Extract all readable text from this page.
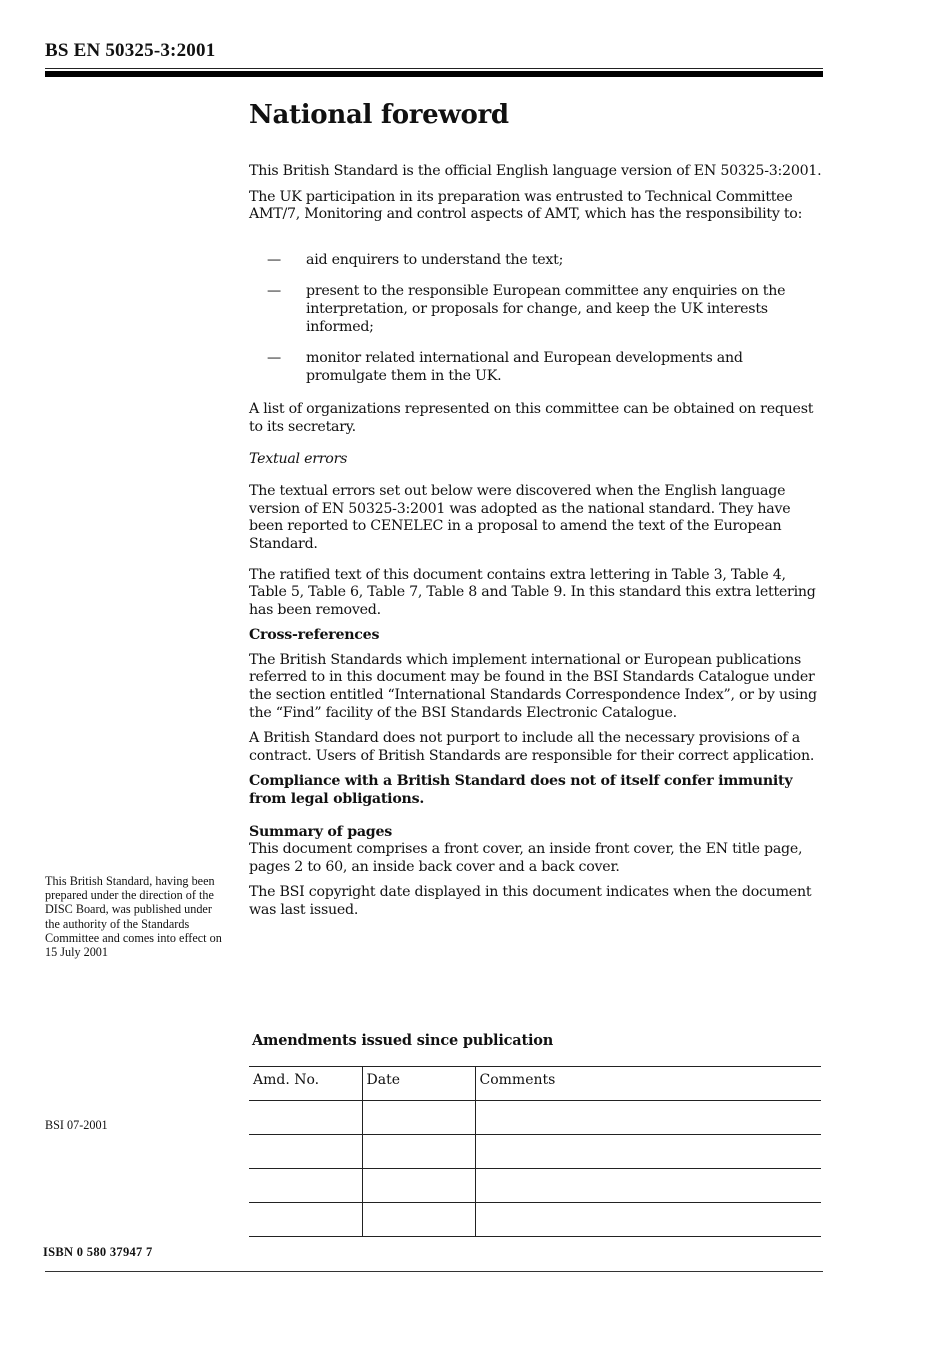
BS EN 50325-3:2001
National foreword

This British Standard is the official English language version of EN 50325-3:2001.

The UK participation in its preparation was entrusted to Technical Committee AMT/7, Monitoring and control aspects of AMT, which has the responsibility to:

— aid enquirers to understand the text;
— present to the responsible European committee any enquiries on the interpretation, or proposals for change, and keep the UK interests informed;
— monitor related international and European developments and promulgate them in the UK.

A list of organizations represented on this committee can be obtained on request to its secretary.

Textual errors

The textual errors set out below were discovered when the English language version of EN 50325-3:2001 was adopted as the national standard. They have been reported to CENELEC in a proposal to amend the text of the European Standard.

The ratified text of this document contains extra lettering in Table 3, Table 4, Table 5, Table 6, Table 7, Table 8 and Table 9. In this standard this extra lettering has been removed.

Cross-references

The British Standards which implement international or European publications referred to in this document may be found in the BSI Standards Catalogue under the section entitled “International Standards Correspondence Index”, or by using the “Find” facility of the BSI Standards Electronic Catalogue.

A British Standard does not purport to include all the necessary provisions of a contract. Users of British Standards are responsible for their correct application.

Compliance with a British Standard does not of itself confer immunity from legal obligations.

Summary of pages

This document comprises a front cover, an inside front cover, the EN title page, pages 2 to 60, an inside back cover and a back cover.

The BSI copyright date displayed in this document indicates when the document was last issued.

This British Standard, having been prepared under the direction of the DISC Board, was published under the authority of the Standards Committee and comes into effect on 15 July 2001
BSI 07-2001
Amendments issued since publication
Amd. No.	Date	Comments

ISBN 0 580 37947 7
